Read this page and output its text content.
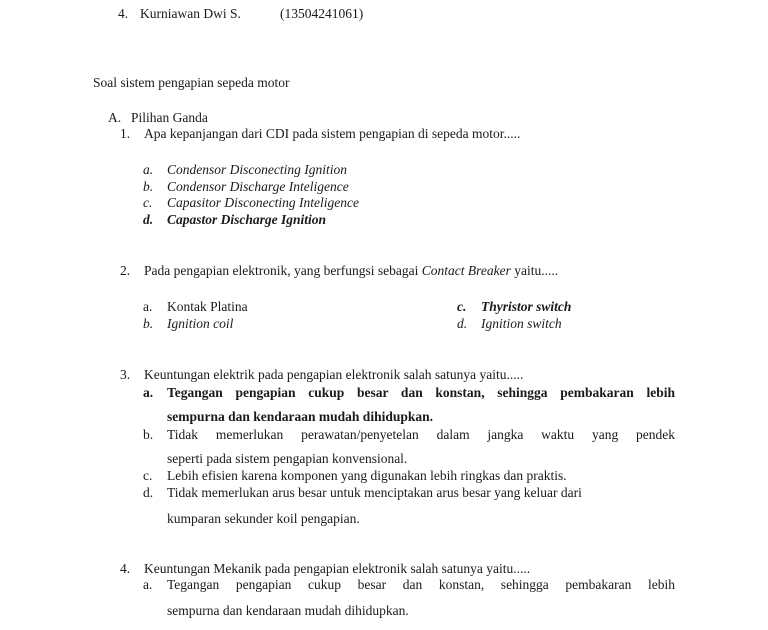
4. Kurniawan Dwi S.	(13504241061)
Soal sistem pengapian sepeda motor
A. Pilihan Ganda
1. Apa kepanjangan dari CDI pada sistem pengapian di sepeda motor.....
a. Condensor Disconecting Ignition
b. Condensor Discharge Inteligence
c. Capasitor Disconecting Inteligence
d. Capastor Discharge Ignition
2. Pada pengapian elektronik, yang berfungsi sebagai Contact Breaker yaitu.....
a. Kontak Platina
b. Ignition coil
c. Thyristor switch
d. Ignition switch
3. Keuntungan elektrik pada pengapian elektronik salah satunya yaitu.....
a. Tegangan pengapian cukup besar dan konstan, sehingga pembakaran lebih
sempurna dan kendaraan mudah dihidupkan.
b. Tidak memerlukan perawatan/penyetelan dalam jangka waktu yang pendek
seperti pada sistem pengapian konvensional.
c. Lebih efisien karena komponen yang digunakan lebih ringkas dan praktis.
d. Tidak memerlukan arus besar untuk menciptakan arus besar yang keluar dari
kumparan sekunder koil pengapian.
4. Keuntungan Mekanik pada pengapian elektronik salah satunya yaitu.....
a. Tegangan pengapian cukup besar dan konstan, sehingga pembakaran lebih
sempurna dan kendaraan mudah dihidupkan.
